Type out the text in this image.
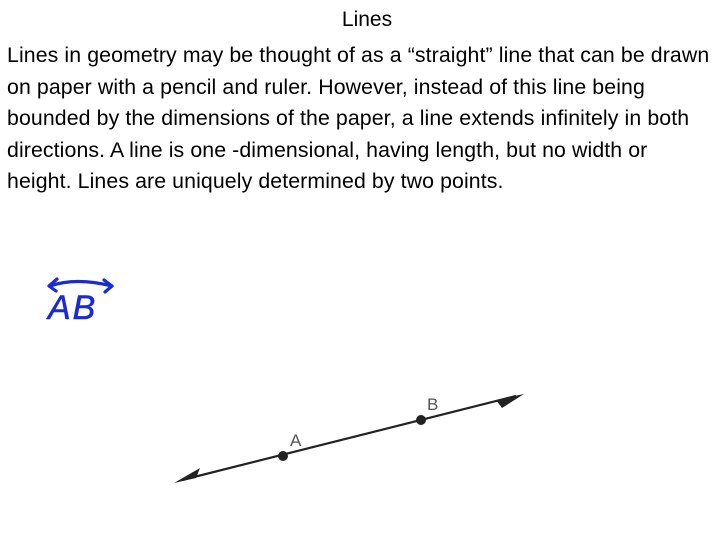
Lines
Lines in geometry may be thought of as a “straight” line that can be drawn on paper with a pencil and ruler. However, instead of this line being bounded by the dimensions of the paper, a line extends infinitely in both directions. A line is one -dimensional, having length, but no width or height. Lines are uniquely determined by two points.
AB
A
B
